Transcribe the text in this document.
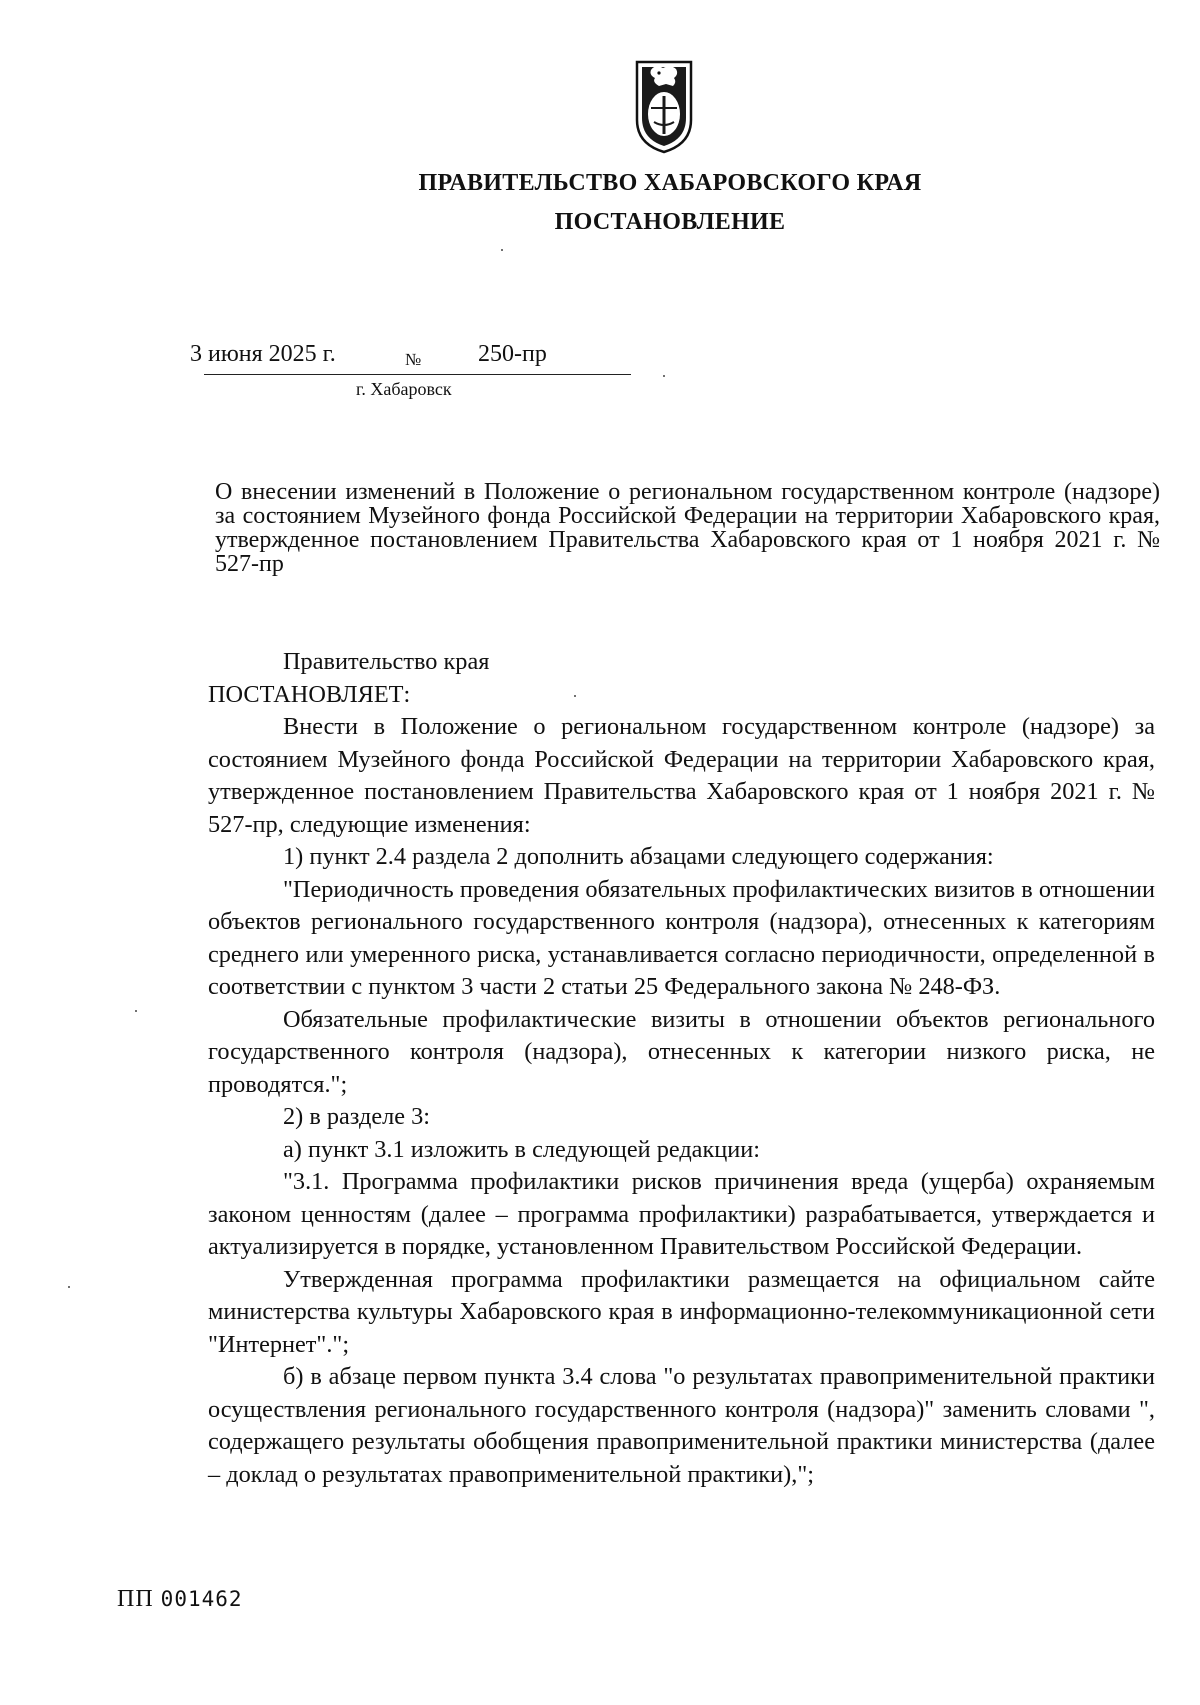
ПРАВИТЕЛЬСТВО ХАБАРОВСКОГО КРАЯ
ПОСТАНОВЛЕНИЕ
3 июня 2025 г.	№ 250-пр
г. Хабаровск
О внесении изменений в Положение о региональном государственном контроле (надзоре) за состоянием Музейного фонда Российской Федерации на территории Хабаровского края, утвержденное постановлением Правительства Хабаровского края от 1 ноября 2021 г. № 527-пр

Правительство края

ПОСТАНОВЛЯЕТ:

Внести в Положение о региональном государственном контроле (надзоре) за состоянием Музейного фонда Российской Федерации на территории Хабаровского края, утвержденное постановлением Правительства Хабаровского края от 1 ноября 2021 г. № 527-пр, следующие изменения:

1) пункт 2.4 раздела 2 дополнить абзацами следующего содержания:

"Периодичность проведения обязательных профилактических визитов в отношении объектов регионального государственного контроля (надзора), отнесенных к категориям среднего или умеренного риска, устанавливается согласно периодичности, определенной в соответствии с пунктом 3 части 2 статьи 25 Федерального закона № 248-ФЗ.

Обязательные профилактические визиты в отношении объектов регионального государственного контроля (надзора), отнесенных к категории низкого риска, не проводятся.";

2) в разделе 3:

а) пункт 3.1 изложить в следующей редакции:

"3.1. Программа профилактики рисков причинения вреда (ущерба) охраняемым законом ценностям (далее – программа профилактики) разрабатывается, утверждается и актуализируется в порядке, установленном Правительством Российской Федерации.

Утвержденная программа профилактики размещается на официальном сайте министерства культуры Хабаровского края в информационно-телекоммуникационной сети "Интернет".";

б) в абзаце первом пункта 3.4 слова "о результатах правоприменительной практики осуществления регионального государственного контроля (надзора)" заменить словами ", содержащего результаты обобщения правоприменительной практики министерства (далее – доклад о результатах правоприменительной практики),";

ПП 001462
